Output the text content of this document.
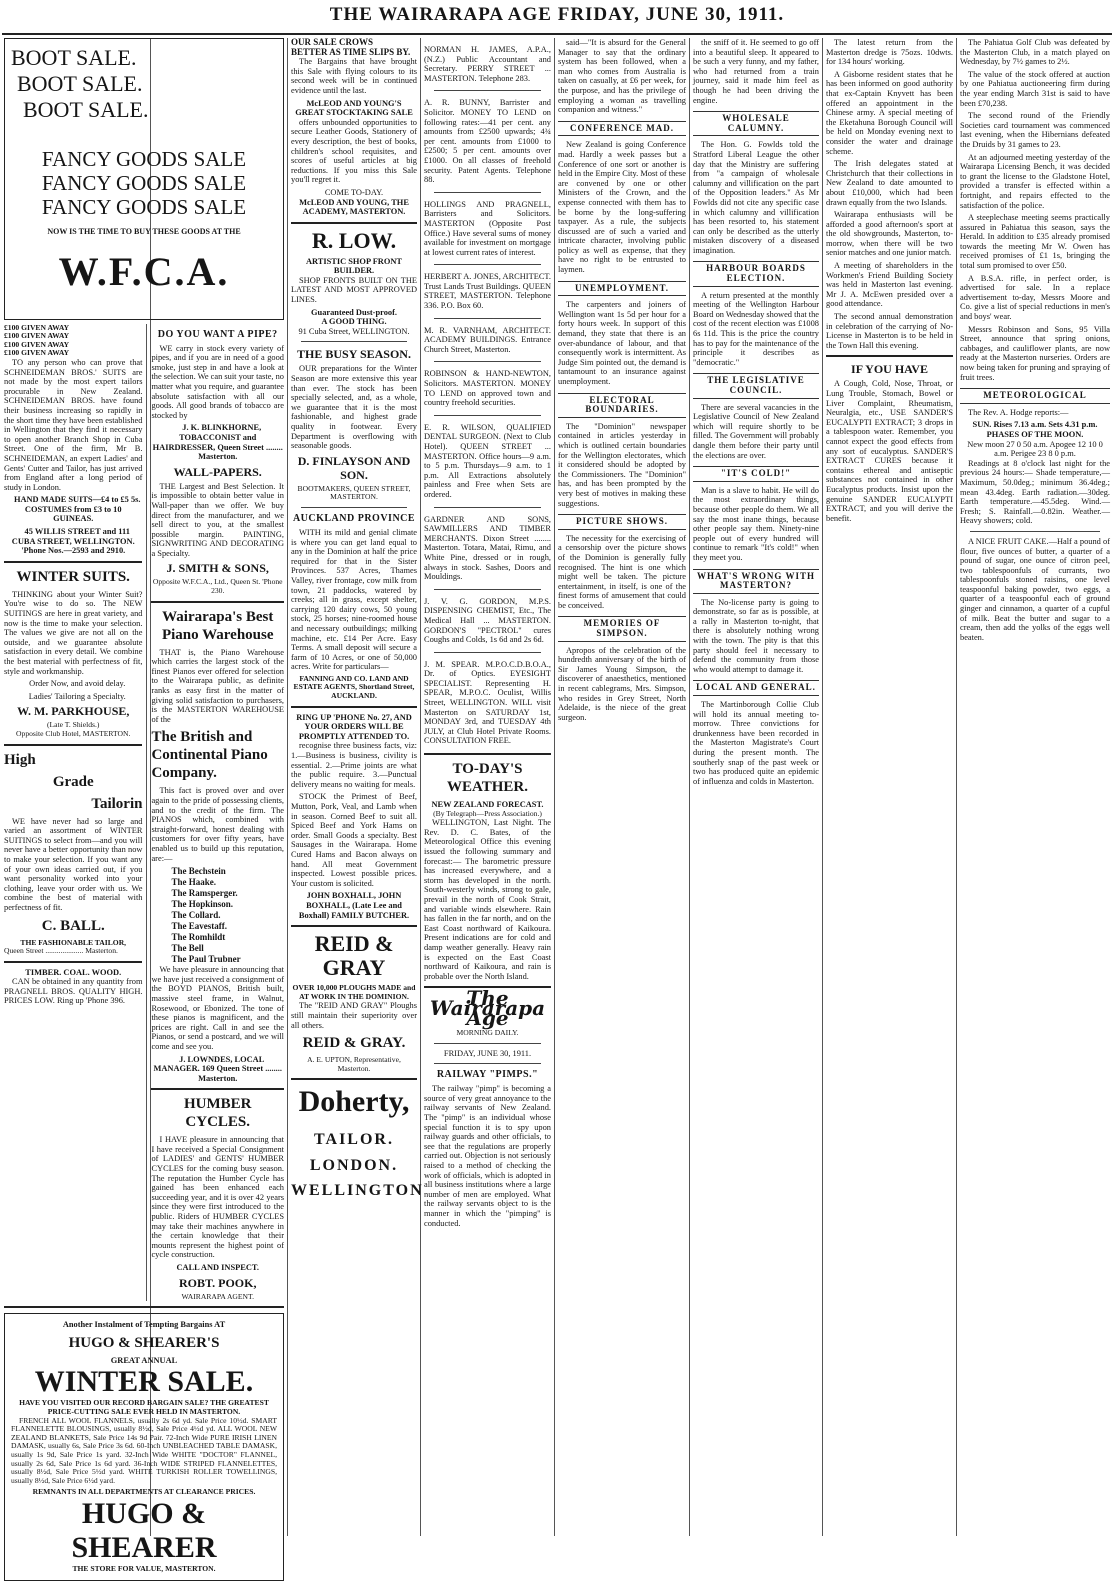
THE WAIRARAPA AGE FRIDAY, JUNE 30, 1911.
BOOT SALE.
BOOT SALE.
BOOT SALE.
FANCY GOODS SALE
FANCY GOODS SALE
FANCY GOODS SALE
NOW IS THE TIME TO BUY THESE GOODS AT THE
W.F.C.A.
£100 GIVEN AWAY
£100 GIVEN AWAY
£100 GIVEN AWAY
£100 GIVEN AWAY

TO any person who can prove that SCHNEIDEMAN BROS.' SUITS are not made by the most expert tailors procurable in New Zealand. SCHNEIDEMAN BROS. have found their business increasing so rapidly in the short time they have been established in Wellington that they find it necessary to open another Branch Shop in Cuba Street. One of the firm, Mr B. SCHNEIDEMAN, an expert Ladies' and Gents' Cutter and Tailor, has just arrived from England after a long period of study in London.

HAND MADE SUITS—£4 to £5 5s. COSTUMES from £3 to 10 GUINEAS.

45 WILLIS STREET and 111 CUBA STREET, WELLINGTON. 'Phone Nos.—2593 and 2910.

WINTER SUITS.

THINKING about your Winter Suit? You're wise to do so. The NEW SUITINGS are here in great variety, and now is the time to make your selection. The values we give are not all on the outside, and we guarantee absolute satisfaction in every detail. We combine the best material with perfectness of fit, style and workmanship.

Order Now, and avoid delay.

Ladies' Tailoring a Specialty.

W. M. PARKHOUSE,
(Late T. Shields.)
Opposite Club Hotel, MASTERTON.
High
Grade
Tailorin

WE have never had so large and varied an assortment of WINTER SUITINGS to select from—and you will never have a better opportunity than now to make your selection. If you want any of your own ideas carried out, if you want personality worked into your clothing, leave your order with us. We combine the best of material with perfectness of fit.

C. BALL.
THE FASHIONABLE TAILOR,
Queen Street .................... Masterton.
TIMBER. COAL. WOOD.

CAN be obtained in any quantity from PRAGNELL BROS. QUALITY HIGH. PRICES LOW. Ring up 'Phone 396.

DO YOU WANT A PIPE?

WE carry in stock every variety of pipes, and if you are in need of a good smoke, just step in and have a look at the selection. We can suit your taste, no matter what you require, and guarantee absolute satisfaction with all our goods. All good brands of tobacco are stocked by

J. K. BLINKHORNE, TOBACCONIST and HAIRDRESSER, Queen Street ........ Masterton.

WALL-PAPERS.

THE Largest and Best Selection. It is impossible to obtain better value in Wall-paper than we offer. We buy direct from the manufacturer, and we sell direct to you, at the smallest possible margin. PAINTING, SIGNWRITING AND DECORATING a Specialty.

J. SMITH & SONS,
Opposite W.F.C.A., Ltd., Queen St. 'Phone 230.
Wairarapa's Best Piano Warehouse

THAT is, the Piano Warehouse which carries the largest stock of the finest Pianos ever offered for selection to the Wairarapa public, as definite ranks as easy first in the matter of giving solid satisfaction to purchasers, is the MASTERTON WAREHOUSE of the

The British and Continental Piano Company.

This fact is proved over and over again to the pride of possessing clients, and to the credit of the firm. The PIANOS which, combined with straight-forward, honest dealing with customers for over fifty years, have enabled us to build up this reputation, are:—

The Bechstein
The Haake.
The Ramsperger.
The Hopkinson.
The Collard.
The Eavestaff.
The Romhildt
The Bell
The Paul Trubner

We have pleasure in announcing that we have just received a consignment of the BOYD PIANOS, British built, massive steel frame, in Walnut, Rosewood, or Ebonized. The tone of these pianos is magnificent, and the prices are right. Call in and see the Pianos, or send a postcard, and we will come and see you.

J. LOWNDES, LOCAL MANAGER. 169 Queen Street ........ Masterton.

HUMBER CYCLES.

I HAVE pleasure in announcing that I have received a Special Consignment of LADIES' and GENTS' HUMBER CYCLES for the coming busy season. The reputation the Humber Cycle has gained has been enhanced each succeeding year, and it is over 42 years since they were first introduced to the public. Riders of HUMBER CYCLES may take their machines anywhere in the certain knowledge that their mounts represent the highest point of cycle construction.

CALL AND INSPECT.
ROBT. POOK,
WAIRARAPA AGENT.
Another Instalment of Tempting Bargains AT
HUGO & SHEARER'S
GREAT ANNUAL
WINTER SALE.
HAVE YOU VISITED OUR RECORD BARGAIN SALE? THE GREATEST PRICE-CUTTING SALE EVER HELD IN MASTERTON.

FRENCH ALL WOOL FLANNELS, usually 2s 6d yd. Sale Price 10½d. SMART FLANNELETTE BLOUSINGS, usually 8½d, Sale Price 4½d yd. ALL WOOL NEW ZEALAND BLANKETS, Sale Price 14s 9d Pair. 72-Inch Wide PURE IRISH LINEN DAMASK, usually 6s, Sale Price 3s 6d. 60-Inch UNBLEACHED TABLE DAMASK, usually 1s 9d, Sale Price 1s yard. 32-Inch Wide WHITE "DOCTOR" FLANNEL, usually 2s 6d, Sale Price 1s 6d yard. 36-Inch WIDE STRIPED FLANNELETTES, usually 8½d, Sale Price 5½d yard. WHITE TURKISH ROLLER TOWELLINGS, usually 8½d, Sale Price 6½d yard.

REMNANTS IN ALL DEPARTMENTS AT CLEARANCE PRICES.
HUGO & SHEARER
THE STORE FOR VALUE, MASTERTON.
OUR SALE CROWS
BETTER AS TIME SLIPS BY.

The Bargains that have brought this Sale with flying colours to its second week will be in continued evidence until the last.

McLEOD AND YOUNG'S GREAT STOCKTAKING SALE

offers unbounded opportunities to secure Leather Goods, Stationery of every description, the best of books, children's school requisites, and scores of useful articles at big reductions. If you miss this Sale you'll regret it.

COME TO-DAY.
McLEOD AND YOUNG, THE ACADEMY, MASTERTON.
R. LOW.
ARTISTIC SHOP FRONT BUILDER.

SHOP FRONTS BUILT ON THE LATEST AND MOST APPROVED LINES.

Guaranteed Dust-proof.
A GOOD THING.
91 Cuba Street, WELLINGTON.
THE BUSY SEASON.

OUR preparations for the Winter Season are more extensive this year than ever. The stock has been specially selected, and, as a whole, we guarantee that it is the most fashionable, and highest grade quality in footwear. Every Department is overflowing with seasonable goods.

D. FINLAYSON AND SON.
BOOTMAKERS, QUEEN STREET, MASTERTON.
AUCKLAND PROVINCE

WITH its mild and genial climate is where you can get land equal to any in the Dominion at half the price required for that in the Sister Provinces. 537 Acres, Thames Valley, river frontage, cow milk from town, 21 paddocks, watered by creeks; all in grass, except shelter, carrying 120 dairy cows, 50 young stock, 25 horses; nine-roomed house and necessary outbuildings; milking machine, etc. £14 Per Acre. Easy Terms. A small deposit will secure a farm of 10 Acres, or one of 50,000 acres. Write for particulars—

FANNING AND CO. LAND AND ESTATE AGENTS, Shortland Street, AUCKLAND.
RING UP 'PHONE No. 27, AND YOUR ORDERS WILL BE PROMPTLY ATTENDED TO.

recognise three business facts, viz: 1.—Business is business, civility is essential. 2.—Prime joints are what the public require. 3.—Punctual delivery means no waiting for meals.

STOCK the Primest of Beef, Mutton, Pork, Veal, and Lamb when in season. Corned Beef to suit all. Spiced Beef and York Hams on order. Small Goods a specialty. Best Sausages in the Wairarapa. Home Cured Hams and Bacon always on hand. All meat Government inspected. Lowest possible prices. Your custom is solicited.

JOHN BOXHALL, JOHN BOXHALL, (Late Lee and Boxhall) FAMILY BUTCHER.
REID & GRAY
OVER 10,000 PLOUGHS MADE and AT WORK IN THE DOMINION.

The "REID AND GRAY" Ploughs still maintain their superiority over all others.

REID & GRAY.
A. E. UPTON, Representative, Masterton.
Doherty,
TAILOR.
LONDON.
WELLINGTON
NORMAN H. JAMES, A.P.A., (N.Z.) Public Accountant and Secretary. PERRY STREET ... MASTERTON. Telephone 283.
A. R. BUNNY, Barrister and Solicitor. MONEY TO LEND on following rates:—41 per cent. any amounts from £2500 upwards; 4¾ per cent. amounts from £1000 to £2500; 5 per cent. amounts over £1000. On all classes of freehold security. Patent Agents. Telephone 88.
HOLLINGS AND PRAGNELL, Barristers and Solicitors. MASTERTON (Opposite Post Office.) Have several sums of money available for investment on mortgage at lowest current rates of interest.
HERBERT A. JONES, ARCHITECT. Trust Lands Trust Buildings. QUEEN STREET, MASTERTON. Telephone 336. P.O. Box 60.
M. R. VARNHAM, ARCHITECT. ACADEMY BUILDINGS. Entrance Church Street, Masterton.
ROBINSON & HAND-NEWTON, Solicitors. MASTERTON. MONEY TO LEND on approved town and country freehold securities.
E. R. WILSON, QUALIFIED DENTAL SURGEON. (Next to Club Hotel). QUEEN STREET ... MASTERTON. Office hours—9 a.m. to 5 p.m. Thursdays—9 a.m. to 1 p.m. All Extractions absolutely painless and Free when Sets are ordered.
GARDNER AND SONS, SAWMILLERS AND TIMBER MERCHANTS. Dixon Street ........ Masterton. Totara, Matai, Rimu, and White Pine, dressed or in rough, always in stock. Sashes, Doors and Mouldings.
J. V. G. GORDON, M.P.S. DISPENSING CHEMIST, Etc., The Medical Hall ... MASTERTON. GORDON'S "PECTROL" cures Coughs and Colds, 1s 6d and 2s 6d.
J. M. SPEAR. M.P.O.C.D.B.O.A., Dr. of Optics. EYESIGHT SPECIALIST. Representing H. SPEAR, M.P.O.C. Oculist, Willis Street, WELLINGTON. WILL visit Masterton on SATURDAY 1st, MONDAY 3rd, and TUESDAY 4th JULY, at Club Hotel Private Rooms. CONSULTATION FREE.
TO-DAY'S WEATHER.
NEW ZEALAND FORECAST.
(By Telegraph—Press Association.)

WELLINGTON, Last Night. The Rev. D. C. Bates, of the Meteorological Office this evening issued the following summary and forecast:— The barometric pressure has increased everywhere, and a storm has developed in the north. South-westerly winds, strong to gale, prevail in the north of Cook Strait, and variable winds elsewhere. Rain has fallen in the far north, and on the East Coast northward of Kaikoura. Present indications are for cold and damp weather generally. Heavy rain is expected on the East Coast northward of Kaikoura, and rain is probable over the North Island.

The Wairarapa Age
MORNING DAILY.
FRIDAY, JUNE 30, 1911.
RAILWAY "PIMPS."

The railway "pimp" is becoming a source of very great annoyance to the railway servants of New Zealand. The "pimp" is an individual whose special function it is to spy upon railway guards and other officials, to see that the regulations are properly carried out. Objection is not seriously raised to a method of checking the work of officials, which is adopted in all business institutions where a large number of men are employed. What the railway servants object to is the manner in which the "pimping" is conducted.

said—"It is absurd for the General Manager to say that the ordinary system has been followed, when a man who comes from Australia is taken on casually, at £6 per week, for the purpose, and has the privilege of employing a woman as travelling companion and witness."

CONFERENCE MAD.

New Zealand is going Conference mad. Hardly a week passes but a Conference of one sort or another is held in the Empire City. Most of these are convened by one or other Ministers of the Crown, and the expense connected with them has to be borne by the long-suffering taxpayer. As a rule, the subjects discussed are of such a varied and intricate character, involving public policy as well as expense, that they have no right to be entrusted to laymen.

UNEMPLOYMENT.

The carpenters and joiners of Wellington want 1s 5d per hour for a forty hours week. In support of this demand, they state that there is an over-abundance of labour, and that consequently work is intermittent. As Judge Sim pointed out, the demand is tantamount to an insurance against unemployment.

ELECTORAL BOUNDARIES.

The "Dominion" newspaper contained in articles yesterday in which is outlined certain boundaries for the Wellington electorates, which it considered should be adopted by the Commissioners. The "Dominion" has, and has been prompted by the very best of motives in making these suggestions.

PICTURE SHOWS.

The necessity for the exercising of a censorship over the picture shows of the Dominion is generally fully recognised. The hint is one which might well be taken. The picture entertainment, in itself, is one of the finest forms of amusement that could be conceived.

MEMORIES OF SIMPSON.

Apropos of the celebration of the hundredth anniversary of the birth of Sir James Young Simpson, the discoverer of anaesthetics, mentioned in recent cablegrams, Mrs. Simpson, who resides in Grey Street, North Adelaide, is the niece of the great surgeon.

the sniff of it. He seemed to go off into a beautiful sleep. It appeared to be such a very funny, and my father, who had returned from a train journey, said it made him feel as though he had been driving the engine.

WHOLESALE CALUMNY.

The Hon. G. Fowlds told the Stratford Liberal League the other day that the Ministry are suffering from "a campaign of wholesale calumny and villification on the part of the Opposition leaders." As Mr Fowlds did not cite any specific case in which calumny and villification has been resorted to, his statement can only be described as the utterly mistaken discovery of a diseased imagination.

HARBOUR BOARDS ELECTION.

A return presented at the monthly meeting of the Wellington Harbour Board on Wednesday showed that the cost of the recent election was £1008 6s 11d. This is the price the country has to pay for the maintenance of the principle it describes as "democratic."

THE LEGISLATIVE COUNCIL.

There are several vacancies in the Legislative Council of New Zealand which will require shortly to be filled. The Government will probably dangle them before their party until the elections are over.

"IT'S COLD!"

Man is a slave to habit. He will do the most extraordinary things, because other people do them. We all say the most inane things, because other people say them. Ninety-nine people out of every hundred will continue to remark "It's cold!" when they meet you.

WHAT'S WRONG WITH MASTERTON?

The No-license party is going to demonstrate, so far as is possible, at a rally in Masterton to-night, that there is absolutely nothing wrong with the town. The pity is that this party should feel it necessary to defend the community from those who would attempt to damage it.

LOCAL AND GENERAL.

The Martinborough Collie Club will hold its annual meeting to-morrow. Three convictions for drunkenness have been recorded in the Masterton Magistrate's Court during the present month. The southerly snap of the past week or two has produced quite an epidemic of influenza and colds in Masterton.

The latest return from the Masterton dredge is 75ozs. 10dwts. for 134 hours' working.

A Gisborne resident states that he has been informed on good authority that ex-Captain Knyvett has been offered an appointment in the Chinese army. A special meeting of the Eketahuna Borough Council will be held on Monday evening next to consider the water and drainage scheme.

The Irish delegates stated at Christchurch that their collections in New Zealand to date amounted to about £10,000, which had been drawn equally from the two Islands.

Wairarapa enthusiasts will be afforded a good afternoon's sport at the old showgrounds, Masterton, to-morrow, when there will be two senior matches and one junior match.

A meeting of shareholders in the Workmen's Friend Building Society was held in Masterton last evening. Mr J. A. McEwen presided over a good attendance.

The second annual demonstration in celebration of the carrying of No-License in Masterton is to be held in the Town Hall this evening.

IF YOU HAVE

A Cough, Cold, Nose, Throat, or Lung Trouble, Stomach, Bowel or Liver Complaint, Rheumatism, Neuralgia, etc., USE SANDER'S EUCALYPTI EXTRACT; 3 drops in a tablespoon water. Remember, you cannot expect the good effects from any sort of eucalyptus. SANDER'S EXTRACT CURES because it contains ethereal and antiseptic substances not contained in other Eucalyptus products. Insist upon the genuine SANDER EUCALYPTI EXTRACT, and you will derive the benefit.

The Pahiatua Golf Club was defeated by the Masterton Club, in a match played on Wednesday, by 7½ games to 2½.

The value of the stock offered at auction by one Pahiatua auctioneering firm during the year ending March 31st is said to have been £70,238.

The second round of the Friendly Societies card tournament was commenced last evening, when the Hibernians defeated the Druids by 31 games to 23.

At an adjourned meeting yesterday of the Wairarapa Licensing Bench, it was decided to grant the license to the Gladstone Hotel, provided a transfer is effected within a fortnight, and repairs effected to the satisfaction of the police.

A steeplechase meeting seems practically assured in Pahiatua this season, says the Herald. In addition to £35 already promised towards the meeting Mr W. Owen has received promises of £1 1s, bringing the total sum promised to over £50.

A B.S.A. rifle, in perfect order, is advertised for sale. In a replace advertisement to-day, Messrs Moore and Co. give a list of special reductions in men's and boys' wear.

Messrs Robinson and Sons, 95 Villa Street, announce that spring onions, cabbages, and cauliflower plants, are now ready at the Masterton nurseries. Orders are now being taken for pruning and spraying of fruit trees.

METEOROLOGICAL

The Rev. A. Hodge reports:—

SUN. Rises 7.13 a.m. Sets 4.31 p.m.
PHASES OF THE MOON.
New moon 27 0 50 a.m. Apogee 12 10 0 a.m. Perigee 23 8 0 p.m.

Readings at 8 o'clock last night for the previous 24 hours:— Shade temperature,—Maximum, 50.0deg.; minimum 36.4deg.; mean 43.4deg. Earth radiation.—30deg. Earth temperature.—45.5deg. Wind.—Fresh; S. Rainfall.—0.82in. Weather.—Heavy showers; cold.

A NICE FRUIT CAKE.—Half a pound of flour, five ounces of butter, a quarter of a pound of sugar, one ounce of citron peel, two tablespoonfuls of currants, two tablespoonfuls stoned raisins, one level teaspoonful baking powder, two eggs, a quarter of a teaspoonful each of ground ginger and cinnamon, a quarter of a cupful of milk. Beat the butter and sugar to a cream, then add the yolks of the eggs well beaten.
